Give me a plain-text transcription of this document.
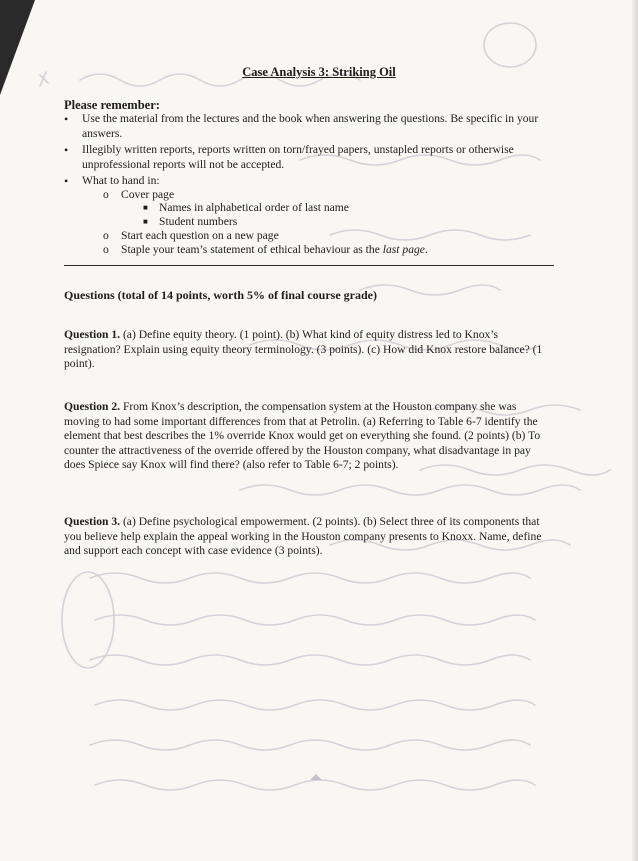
Case Analysis 3: Striking Oil
Please remember:
•	Use the material from the lectures and the book when answering the questions. Be specific in your answers.
•	Illegibly written reports, reports written on torn/frayed papers, unstapled reports or otherwise unprofessional reports will not be accepted.
•	What to hand in:
o	Cover page
■ Names in alphabetical order of last name
■ Student numbers
o	Start each question on a new page
o	Staple your team’s statement of ethical behaviour as the last page.
Questions (total of 14 points, worth 5% of final course grade)
Question 1. (a) Define equity theory. (1 point). (b) What kind of equity distress led to Knox’s resignation? Explain using equity theory terminology. (3 points). (c) How did Knox restore balance? (1 point).
Question 2. From Knox’s description, the compensation system at the Houston company she was moving to had some important differences from that at Petrolin. (a) Referring to Table 6-7 identify the element that best describes the 1% override Knox would get on everything she found. (2 points) (b) To counter the attractiveness of the override offered by the Houston company, what disadvantage in pay does Spiece say Knox will find there? (also refer to Table 6-7; 2 points).
Question 3. (a) Define psychological empowerment. (2 points). (b) Select three of its components that you believe help explain the appeal working in the Houston company presents to Knoxx. Name, define and support each concept with case evidence (3 points).
